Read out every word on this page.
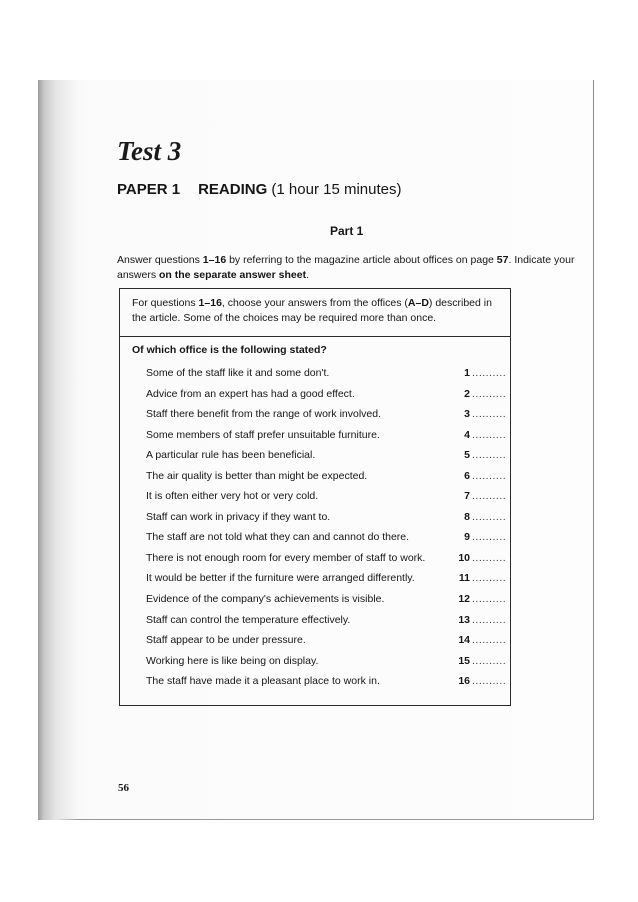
Test 3

PAPER 1 READING (1 hour 15 minutes)

Part 1

Answer questions 1–16 by referring to the magazine article about offices on page 57. Indicate your answers on the separate answer sheet.

For questions 1–16, choose your answers from the offices (A–D) described in the article. Some of the choices may be required more than once.
Of which office is the following stated?
Some of the staff like it and some don't.	1 ..........
Advice from an expert has had a good effect.	2 ..........
Staff there benefit from the range of work involved.	3 ..........
Some members of staff prefer unsuitable furniture.	4 ..........
A particular rule has been beneficial.	5 ..........
The air quality is better than might be expected.	6 ..........
It is often either very hot or very cold.	7 ..........
Staff can work in privacy if they want to.	8 ..........
The staff are not told what they can and cannot do there.	9 ..........
There is not enough room for every member of staff to work.	10 ..........
It would be better if the furniture were arranged differently.	11 ..........
Evidence of the company's achievements is visible.	12 ..........
Staff can control the temperature effectively.	13 ..........
Staff appear to be under pressure.	14 ..........
Working here is like being on display.	15 ..........
The staff have made it a pleasant place to work in.	16 ..........

56
